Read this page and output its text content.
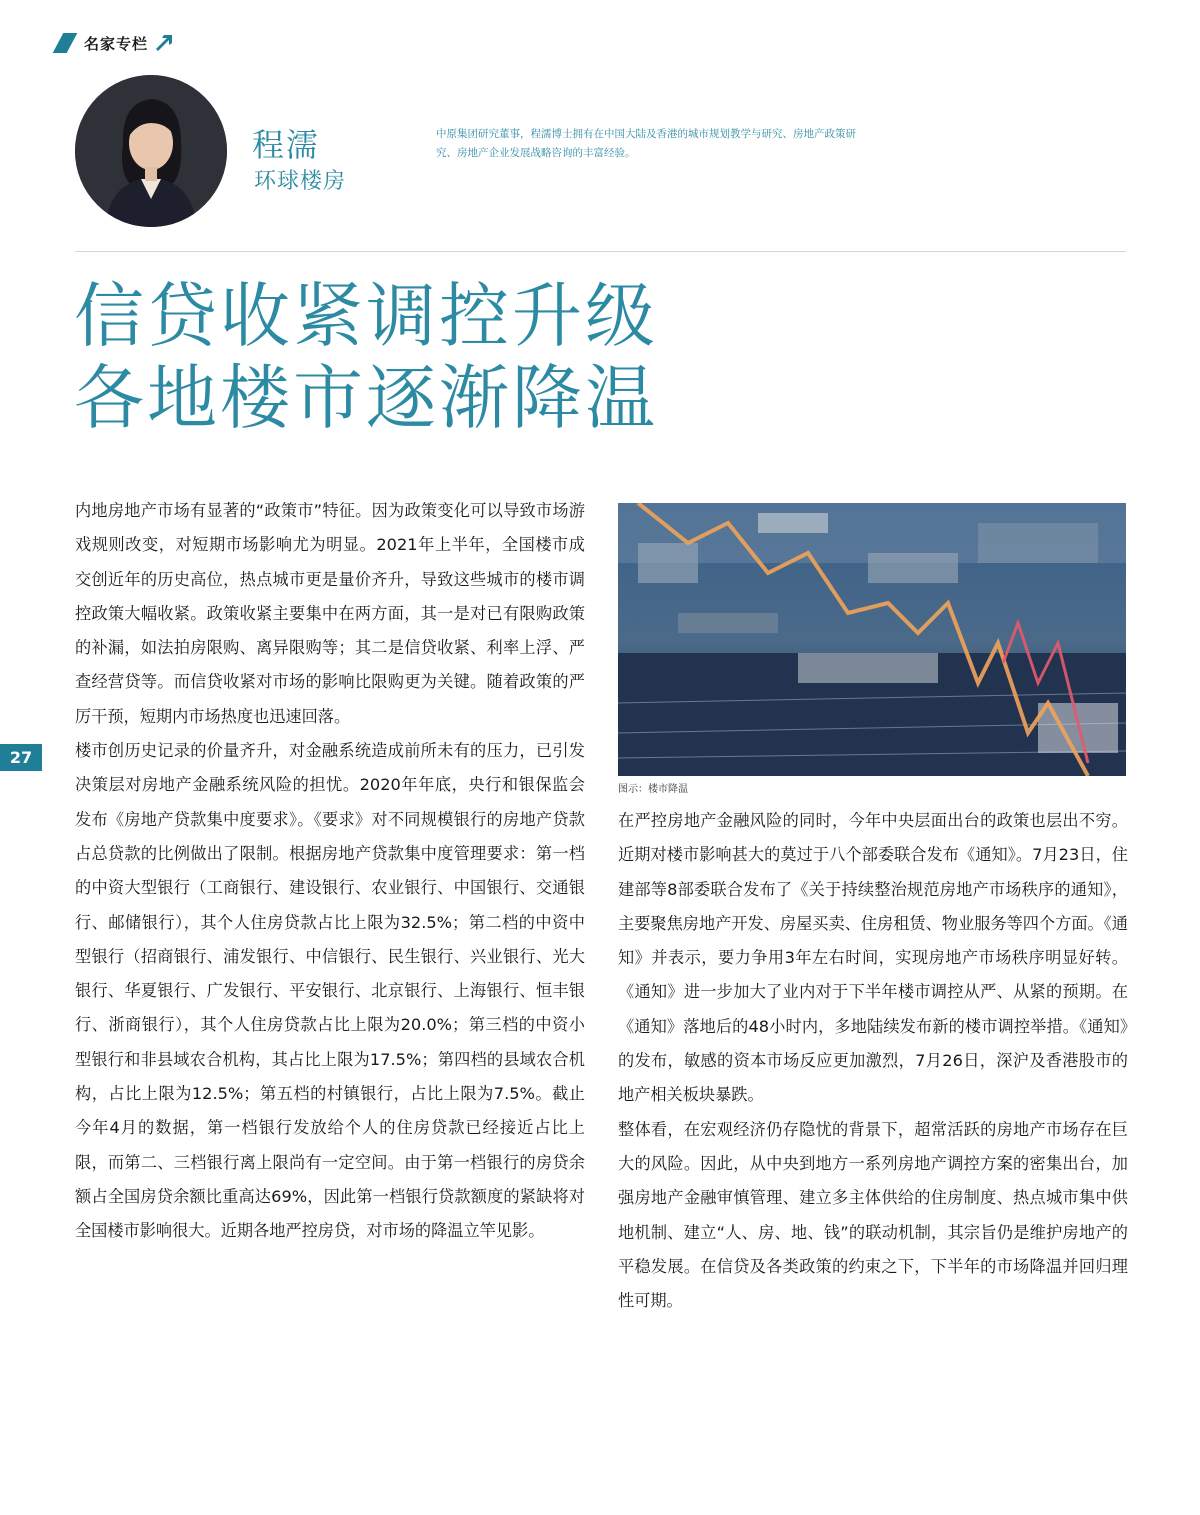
名家专栏
程濡
环球楼房
中原集团研究董事，程濡博士拥有在中国大陆及香港的城市规划教学与研究、房地产政策研究、房地产企业发展战略咨询的丰富经验。
信贷收紧调控升级
各地楼市逐渐降温

内地房地产市场有显著的“政策市”特征。因为政策变化可以导致市场游戏规则改变，对短期市场影响尤为明显。2021年上半年，全国楼市成交创近年的历史高位，热点城市更是量价齐升，导致这些城市的楼市调控政策大幅收紧。政策收紧主要集中在两方面，其一是对已有限购政策的补漏，如法拍房限购、离异限购等；其二是信贷收紧、利率上浮、严查经营贷等。而信贷收紧对市场的影响比限购更为关键。随着政策的严厉干预，短期内市场热度也迅速回落。

楼市创历史记录的价量齐升，对金融系统造成前所未有的压力，已引发决策层对房地产金融系统风险的担忧。2020年年底，央行和银保监会发布《房地产贷款集中度要求》。《要求》对不同规模银行的房地产贷款占总贷款的比例做出了限制。根据房地产贷款集中度管理要求：第一档的中资大型银行（工商银行、建设银行、农业银行、中国银行、交通银行、邮储银行），其个人住房贷款占比上限为32.5%；第二档的中资中型银行（招商银行、浦发银行、中信银行、民生银行、兴业银行、光大银行、华夏银行、广发银行、平安银行、北京银行、上海银行、恒丰银行、浙商银行），其个人住房贷款占比上限为20.0%；第三档的中资小型银行和非县域农合机构，其占比上限为17.5%；第四档的县域农合机构，占比上限为12.5%；第五档的村镇银行，占比上限为7.5%。截止今年4月的数据，第一档银行发放给个人的住房贷款已经接近占比上限，而第二、三档银行离上限尚有一定空间。由于第一档银行的房贷余额占全国房贷余额比重高达69%，因此第一档银行贷款额度的紧缺将对全国楼市影响很大。近期各地严控房贷，对市场的降温立竿见影。

27
图示：楼市降温

在严控房地产金融风险的同时，今年中央层面出台的政策也层出不穷。近期对楼市影响甚大的莫过于八个部委联合发布《通知》。7月23日，住建部等8部委联合发布了《关于持续整治规范房地产市场秩序的通知》，主要聚焦房地产开发、房屋买卖、住房租赁、物业服务等四个方面。《通知》并表示，要力争用3年左右时间，实现房地产市场秩序明显好转。《通知》进一步加大了业内对于下半年楼市调控从严、从紧的预期。在《通知》落地后的48小时内，多地陆续发布新的楼市调控举措。《通知》的发布，敏感的资本市场反应更加激烈，7月26日，深沪及香港股市的地产相关板块暴跌。

整体看，在宏观经济仍存隐忧的背景下，超常活跃的房地产市场存在巨大的风险。因此，从中央到地方一系列房地产调控方案的密集出台，加强房地产金融审慎管理、建立多主体供给的住房制度、热点城市集中供地机制、建立“人、房、地、钱”的联动机制，其宗旨仍是维护房地产的平稳发展。在信贷及各类政策的约束之下，下半年的市场降温并回归理性可期。
